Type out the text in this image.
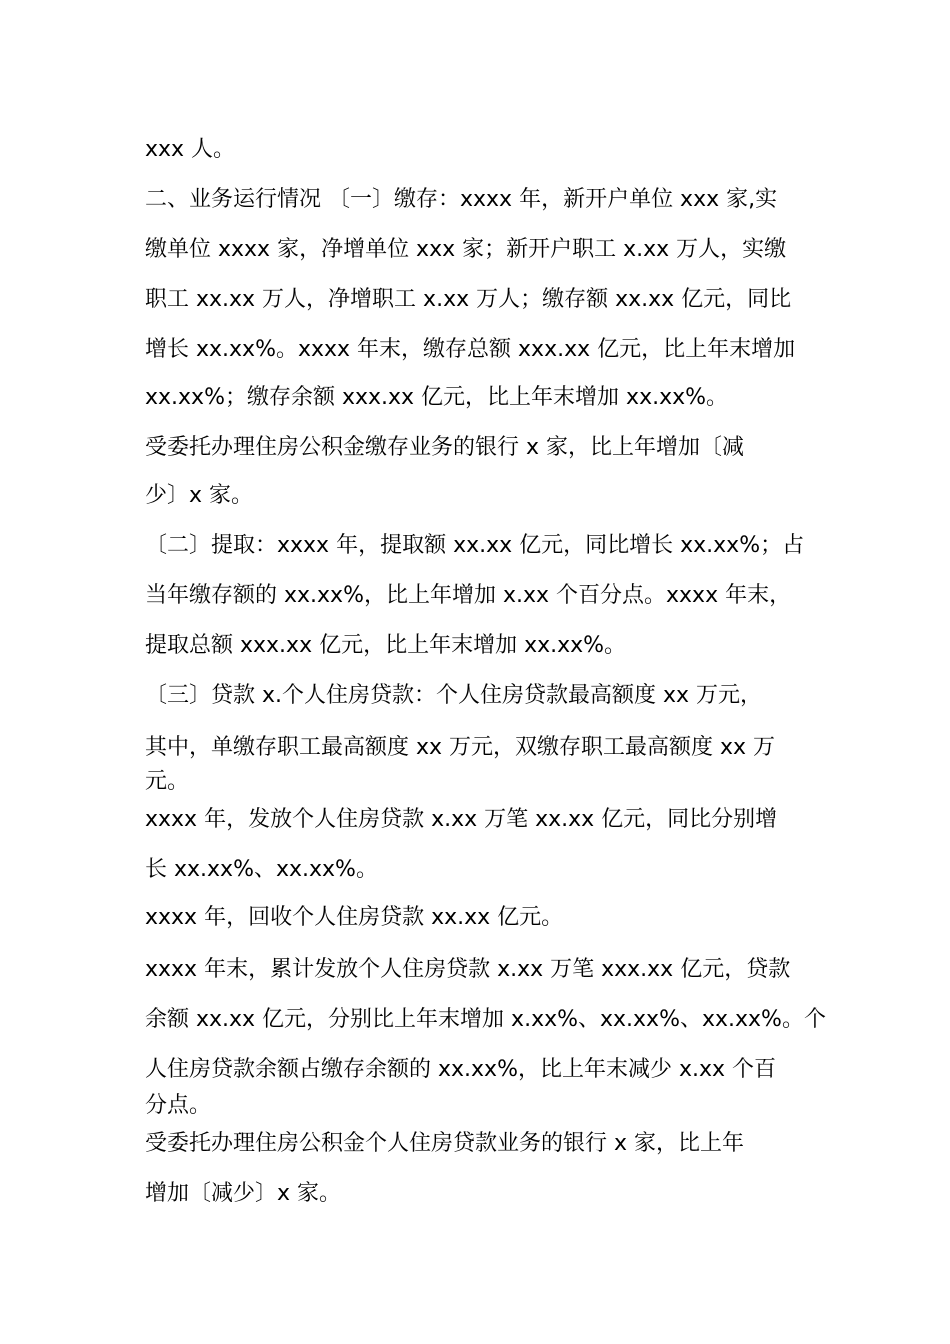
xxx 人。
二、业务运行情况 〔一〕缴存：xxxx 年，新开户单位 xxx 家,实
缴单位 xxxx 家，净增单位 xxx 家；新开户职工 x.xx 万人，实缴
职工 xx.xx 万人，净增职工 x.xx 万人；缴存额 xx.xx 亿元，同比
增长 xx.xx%。xxxx 年末，缴存总额 xxx.xx 亿元，比上年末增加
xx.xx%；缴存余额 xxx.xx 亿元，比上年末增加 xx.xx%。
受委托办理住房公积金缴存业务的银行 x 家，比上年增加〔减
少〕x 家。
〔二〕提取：xxxx 年，提取额 xx.xx 亿元，同比增长 xx.xx%；占
当年缴存额的 xx.xx%，比上年增加 x.xx 个百分点。xxxx 年末，
提取总额 xxx.xx 亿元，比上年末增加 xx.xx%。
〔三〕贷款 x.个人住房贷款：个人住房贷款最高额度 xx 万元，
其中，单缴存职工最高额度 xx 万元，双缴存职工最高额度 xx 万
元。
xxxx 年，发放个人住房贷款 x.xx 万笔 xx.xx 亿元，同比分别增
长 xx.xx%、xx.xx%。
xxxx 年，回收个人住房贷款 xx.xx 亿元。
xxxx 年末，累计发放个人住房贷款 x.xx 万笔 xxx.xx 亿元，贷款
余额 xx.xx 亿元，分别比上年末增加 x.xx%、xx.xx%、xx.xx%。个
人住房贷款余额占缴存余额的 xx.xx%，比上年末减少 x.xx 个百
分点。
受委托办理住房公积金个人住房贷款业务的银行 x 家，比上年
增加〔减少〕x 家。
